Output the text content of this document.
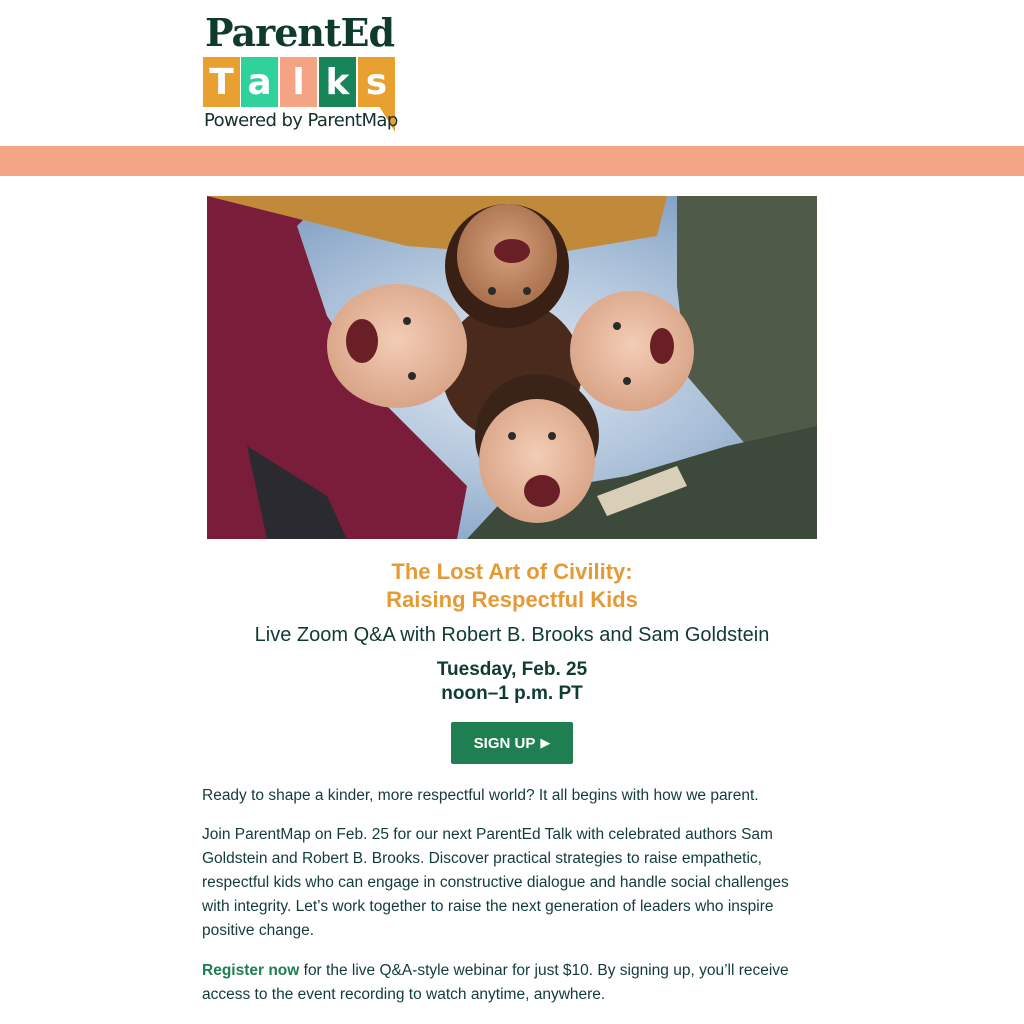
ParentEd
T a l k s
Powered by ParentMap
The Lost Art of Civility:
Raising Respectful Kids
Live Zoom Q&A with Robert B. Brooks and Sam Goldstein
Tuesday, Feb. 25
noon–1 p.m. PT
SIGN UP ▶
Ready to shape a kinder, more respectful world? It all begins with how we parent.
Join ParentMap on Feb. 25 for our next ParentEd Talk with celebrated authors Sam Goldstein and Robert B. Brooks. Discover practical strategies to raise empathetic, respectful kids who can engage in constructive dialogue and handle social challenges with integrity. Let’s work together to raise the next generation of leaders who inspire positive change.
Register now for the live Q&A-style webinar for just $10. By signing up, you’ll receive access to the event recording to watch anytime, anywhere.
